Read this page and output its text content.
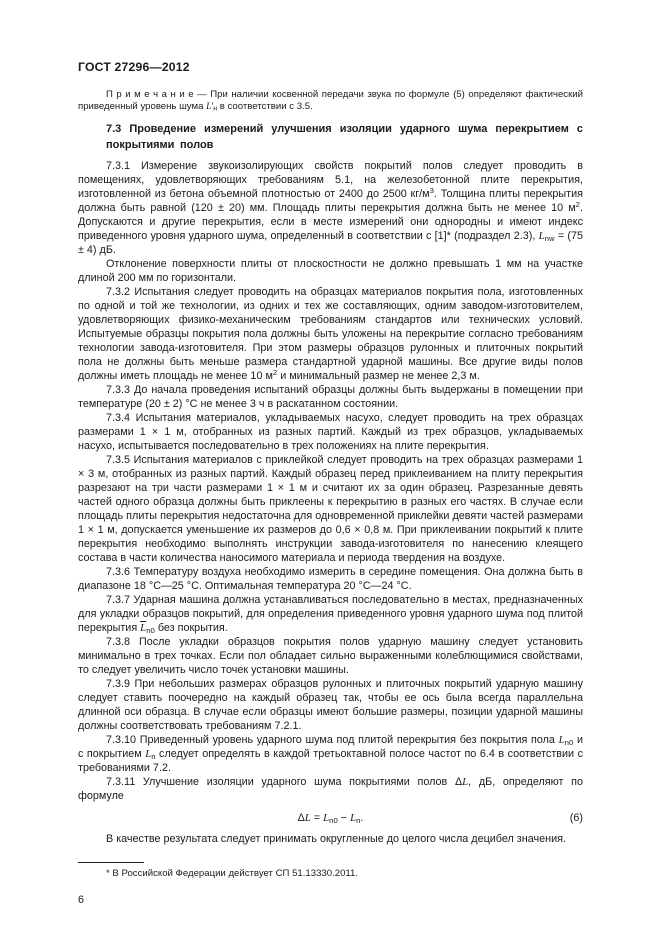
ГОСТ 27296—2012
П р и м е ч а н и е — При наличии косвенной передачи звука по формуле (5) определяют фактический приведенный уровень шума $L'_н$ в соответствии с 3.5.
7.3 Проведение измерений улучшения изоляции ударного шума перекрытием с покрытиями полов

7.3.1 Измерение звукоизолирующих свойств покрытий полов следует проводить в помещениях, удовлетворяющих требованиям 5.1, на железобетонной плите перекрытия, изготовленной из бетона объемной плотностью от 2400 до 2500 $кг/м^3$. Толщина плиты перекрытия должна быть равной (120 ± 20) мм. Площадь плиты перекрытия должна быть не менее 10 $м^2$. Допускаются и другие перекрытия, если в месте измерений они однородны и имеют индекс приведенного уровня ударного шума, определенный в соответствии с [1]* (подраздел 2.3), $L_{nw} = (75 \pm 4)$ дБ.

Отклонение поверхности плиты от плоскостности не должно превышать 1 мм на участке длиной 200 мм по горизонтали.

7.3.2 Испытания следует проводить на образцах материалов покрытия пола, изготовленных по одной и той же технологии, из одних и тех же составляющих, одним заводом-изготовителем, удовлетворяющих физико-механическим требованиям стандартов или технических условий. Испытуемые образцы покрытия пола должны быть уложены на перекрытие согласно требованиям технологии завода-изготовителя. При этом размеры образцов рулонных и плиточных покрытий пола не должны быть меньше размера стандартной ударной машины. Все другие виды полов должны иметь площадь не менее 10 $м^2$ и минимальный размер не менее 2,3 м.

7.3.3 До начала проведения испытаний образцы должны быть выдержаны в помещении при температуре (20 ± 2) °С не менее 3 ч в раскатанном состоянии.

7.3.4 Испытания материалов, укладываемых насухо, следует проводить на трех образцах размерами 1 × 1 м, отобранных из разных партий. Каждый из трех образцов, укладываемых насухо, испытывается последовательно в трех положениях на плите перекрытия.

7.3.5 Испытания материалов с приклейкой следует проводить на трех образцах размерами 1 × 3 м, отобранных из разных партий. Каждый образец перед приклеиванием на плиту перекрытия разрезают на три части размерами 1 × 1 м и считают их за один образец. Разрезанные девять частей одного образца должны быть приклеены к перекрытию в разных его частях. В случае если площадь плиты перекрытия недостаточна для одновременной приклейки девяти частей размерами 1 × 1 м, допускается уменьшение их размеров до 0,6 × 0,8 м. При приклеивании покрытий к плите перекрытия необходимо выполнять инструкции завода-изготовителя по нанесению клеящего состава в части количества наносимого материала и периода твердения на воздухе.

7.3.6 Температуру воздуха необходимо измерить в середине помещения. Она должна быть в диапазоне 18 °С—25 °С. Оптимальная температура 20 °С—24 °С.

7.3.7 Ударная машина должна устанавливаться последовательно в местах, предназначенных для укладки образцов покрытий, для определения приведенного уровня ударного шума под плитой перекрытия $\overline{L}_{n0}$ без покрытия.

7.3.8 После укладки образцов покрытия полов ударную машину следует установить минимально в трех точках. Если пол обладает сильно выраженными колеблющимися свойствами, то следует увеличить число точек установки машины.

7.3.9 При небольших размерах образцов рулонных и плиточных покрытий ударную машину следует ставить поочередно на каждый образец так, чтобы ее ось была всегда параллельна длинной оси образца. В случае если образцы имеют большие размеры, позиции ударной машины должны соответствовать требованиям 7.2.1.

7.3.10 Приведенный уровень ударного шума под плитой перекрытия без покрытия пола $L_{n0}$ и с покрытием $L_n$ следует определять в каждой третьоктавной полосе частот по 6.4 в соответствии с требованиями 7.2.

7.3.11 Улучшение изоляции ударного шума покрытиями полов ΔL, дБ, определяют по формуле

$\Delta L = L_{n0} - L_n$.	(6)

В качестве результата следует принимать округленные до целого числа децибел значения.

* В Российской Федерации действует СП 51.13330.2011.
6
